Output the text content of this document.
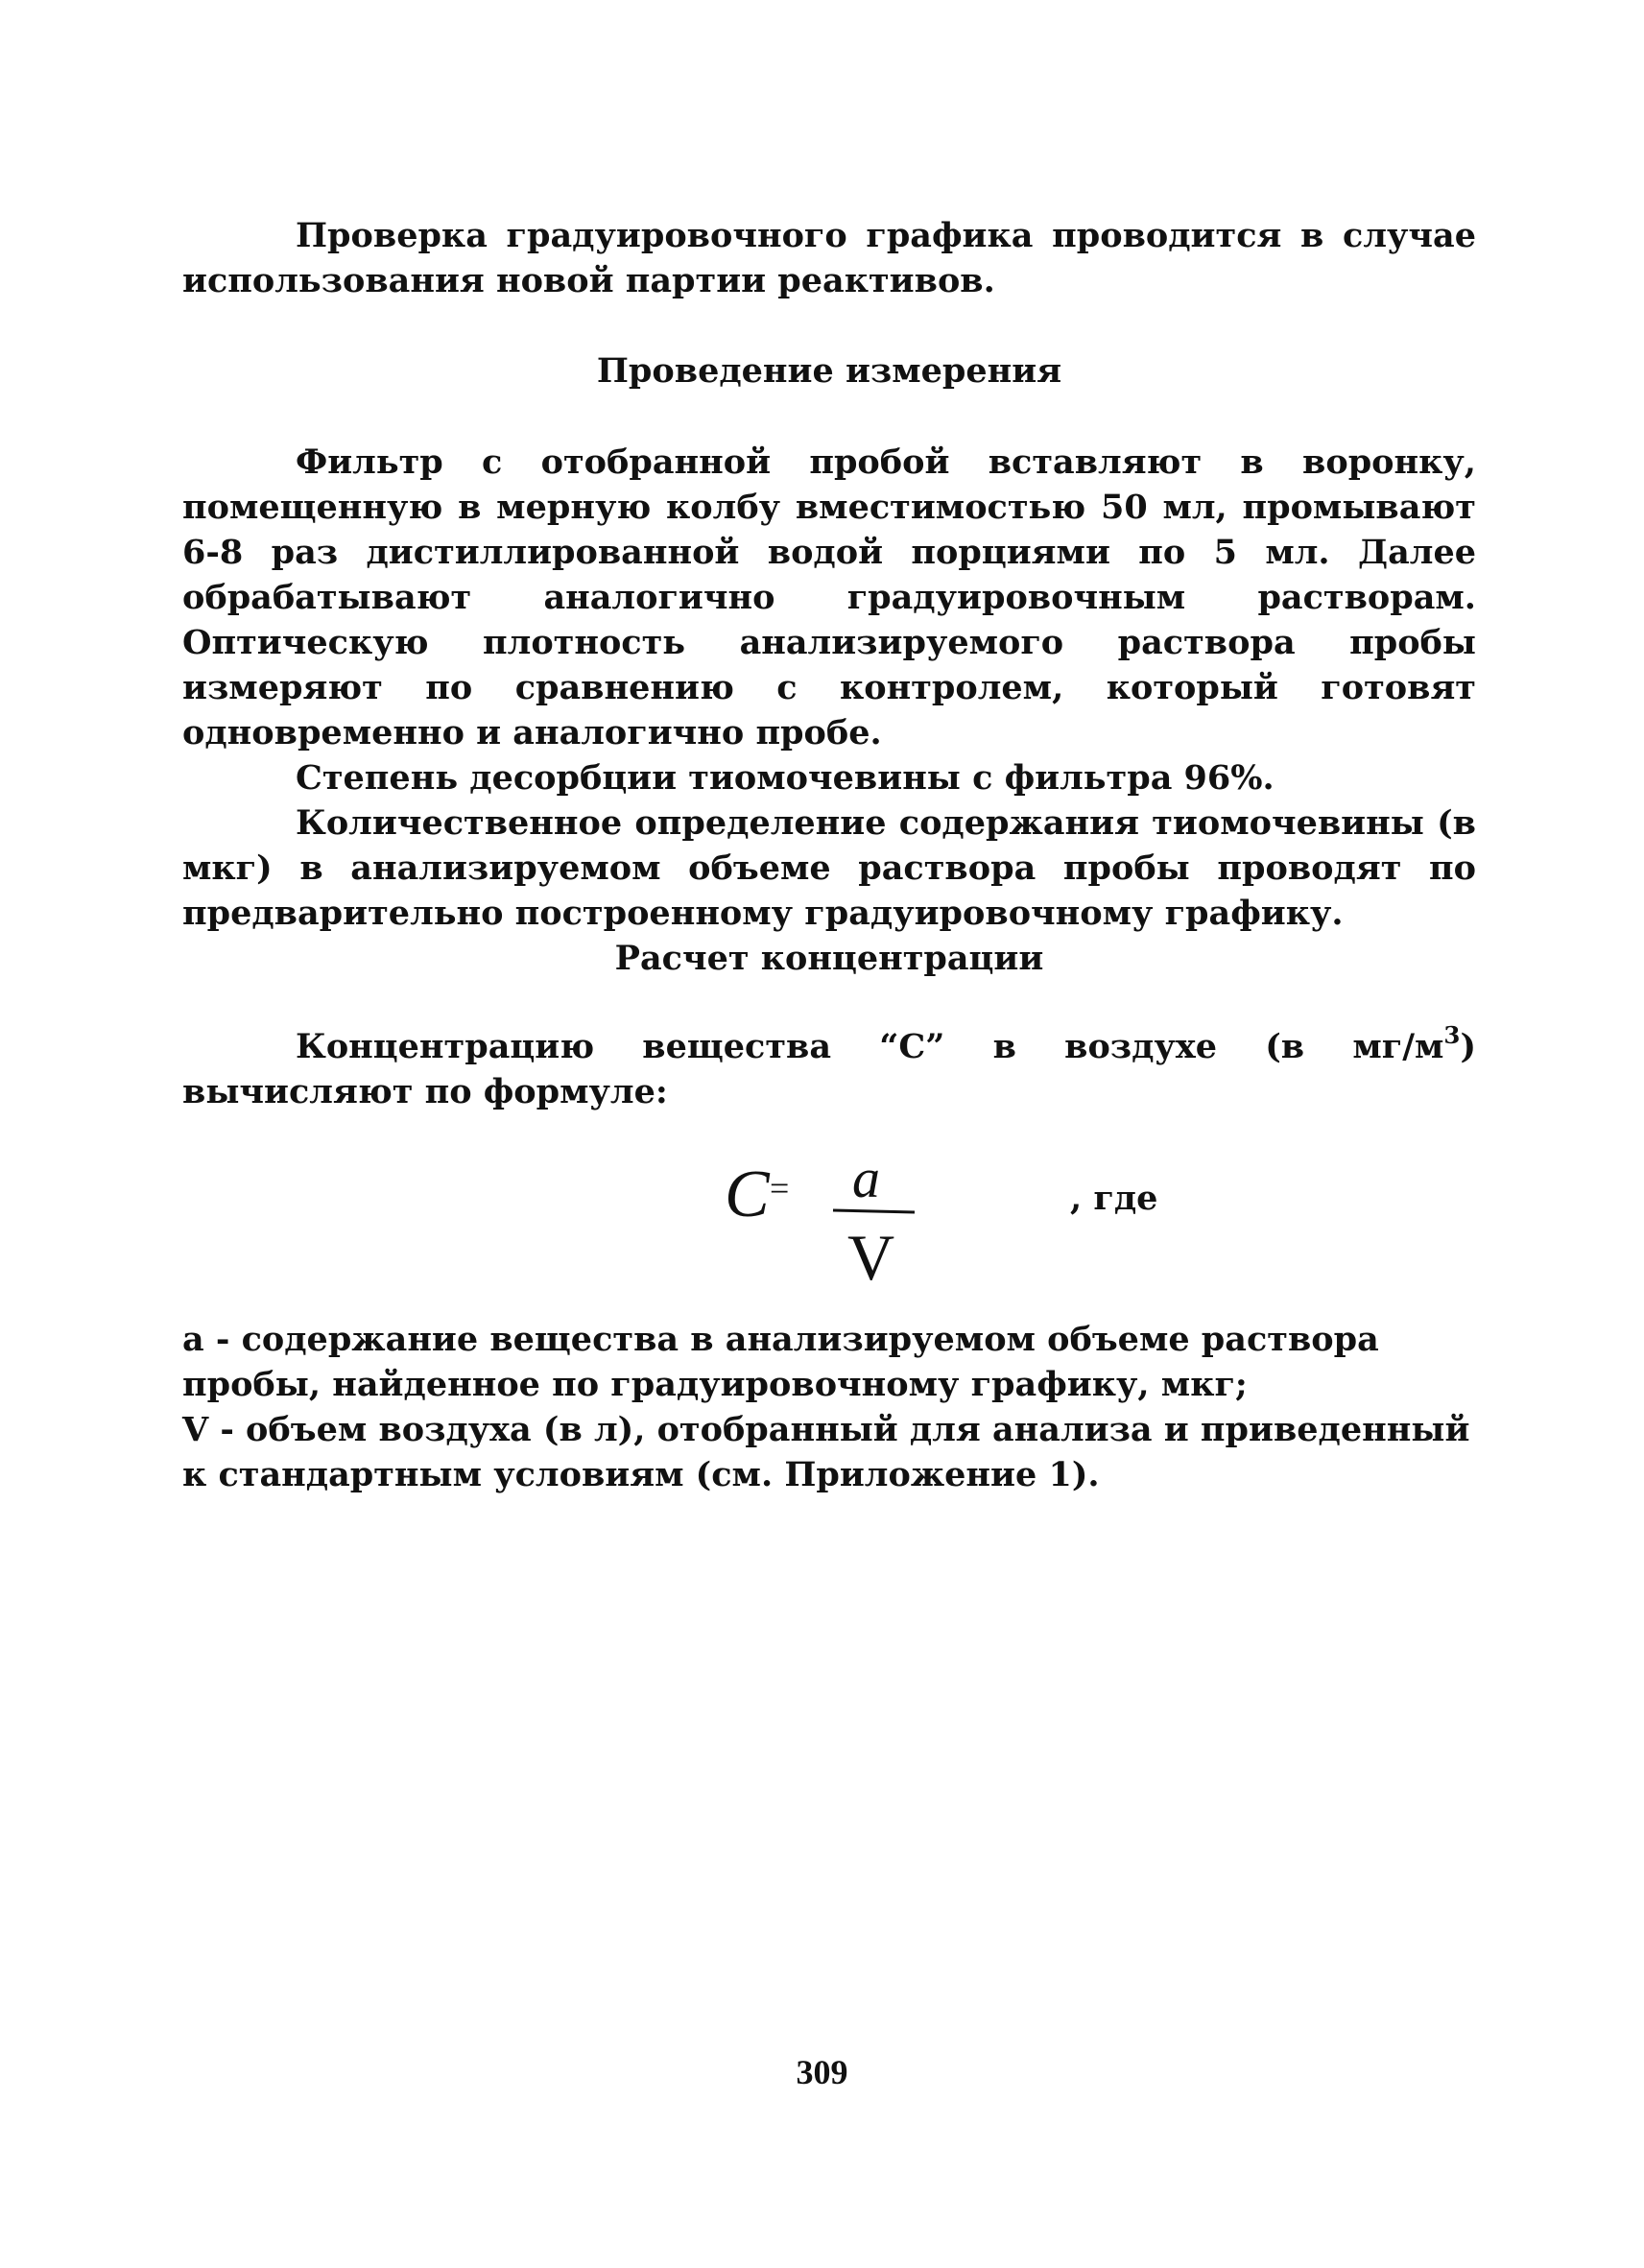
Проверка градуировочного графика проводится в случае использования новой партии реактивов.

Проведение измерения

Фильтр с отобранной пробой вставляют в воронку, помещенную в мерную колбу вместимостью 50 мл, промывают 6-8 раз дистиллированной водой порциями по 5 мл. Далее обрабатывают аналогично градуировочным растворам. Оптическую плотность анализируемого раствора пробы измеряют по сравнению с контролем, который готовят одновременно и аналогично пробе.

Степень десорбции тиомочевины с фильтра 96%.

Количественное определение содержания тиомочевины (в мкг) в анализируемом объеме раствора пробы проводят по предварительно построенному градуировочному графику.

Расчет концентрации

Концентрацию вещества “С” в воздухе (в $мг/м^3$) вычисляют по формуле:

С = а
V
, где

а - содержание вещества в анализируемом объеме раствора пробы, найденное по градуировочному графику, мкг;

V - объем воздуха (в л), отобранный для анализа и приведенный к стандартным условиям (см. Приложение 1).

309
